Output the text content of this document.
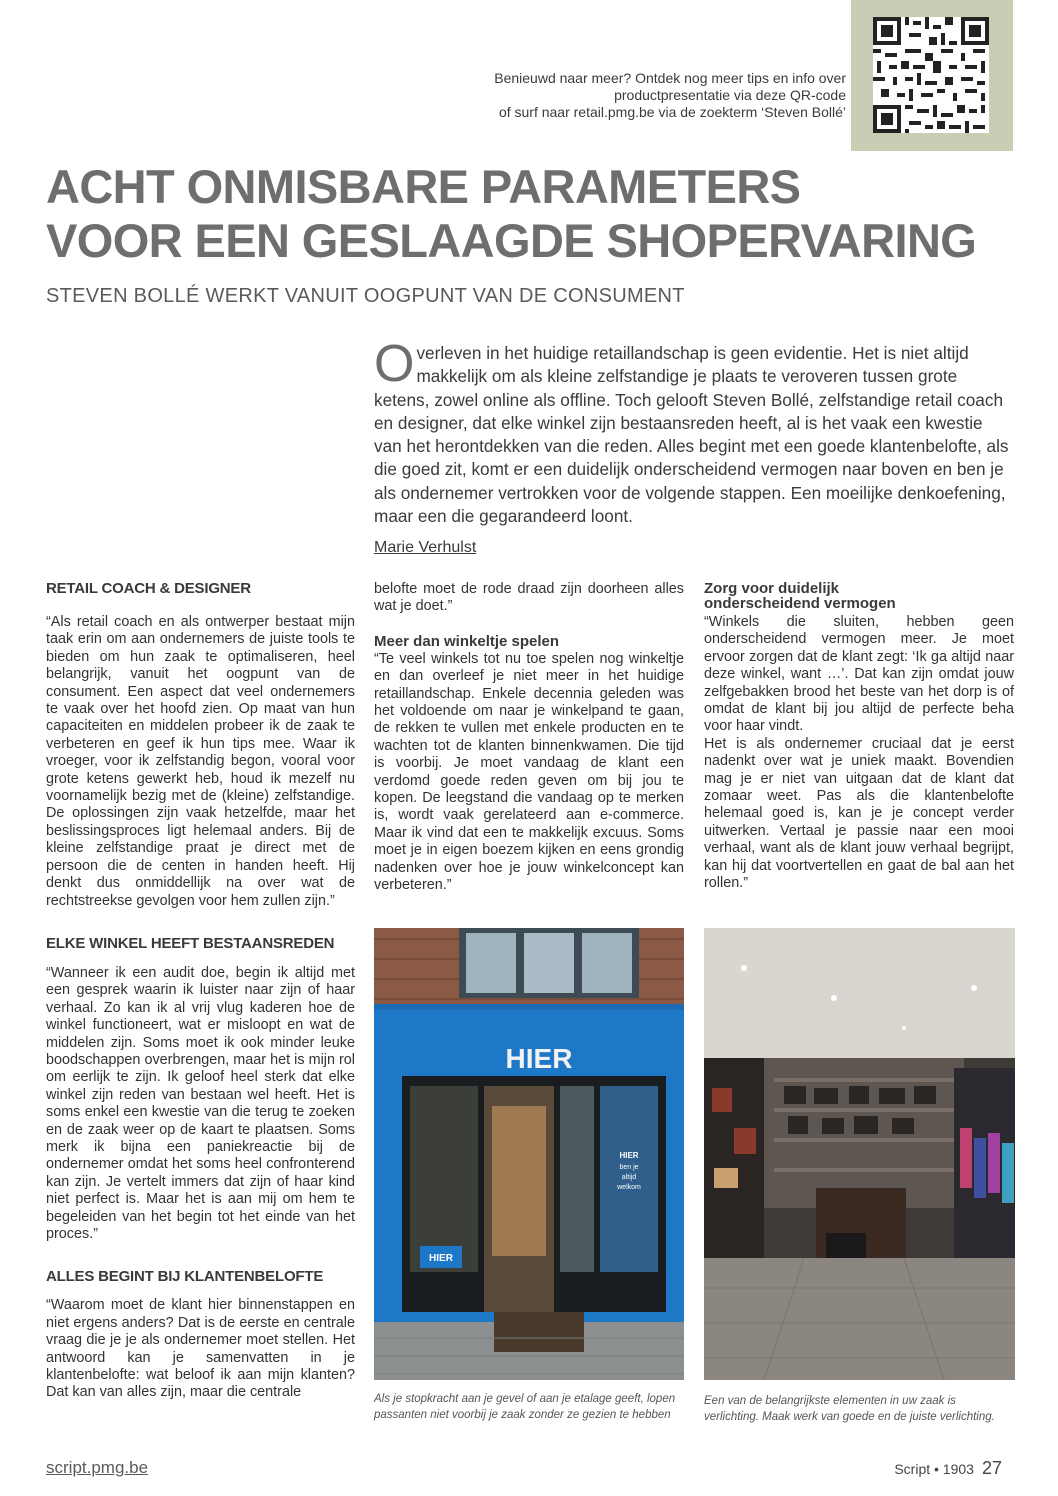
Benieuwd naar meer? Ontdek nog meer tips en info over
productpresentatie via deze QR-code
of surf naar retail.pmg.be via de zoekterm ‘Steven Bollé’
ACHT ONMISBARE PARAMETERS
VOOR EEN GESLAAGDE SHOPERVARING
STEVEN BOLLÉ WERKT VANUIT OOGPUNT VAN DE CONSUMENT
Overleven in het huidige retaillandschap is geen evidentie. Het is niet altijd makkelijk om als kleine zelfstandige je plaats te veroveren tussen grote ketens, zowel online als offline. Toch gelooft Steven Bollé, zelfstandige retail coach en designer, dat elke winkel zijn bestaansreden heeft, al is het vaak een kwestie van het herontdekken van die reden. Alles begint met een goede klantenbelofte, als die goed zit, komt er een duidelijk onderscheidend vermogen naar boven en ben je als ondernemer vertrokken voor de volgende stappen. Een moeilijke denkoefening, maar een die gegarandeerd loont.
Marie Verhulst
RETAIL COACH & DESIGNER

“Als retail coach en als ontwerper bestaat mijn taak erin om aan ondernemers de juiste tools te bieden om hun zaak te optimaliseren, heel belangrijk, vanuit het oogpunt van de consument. Een aspect dat veel ondernemers te vaak over het hoofd zien. Op maat van hun capaciteiten en middelen probeer ik de zaak te verbeteren en geef ik hun tips mee. Waar ik vroeger, voor ik zelfstandig begon, vooral voor grote ketens gewerkt heb, houd ik mezelf nu voornamelijk bezig met de (kleine) zelfstandige. De oplossingen zijn vaak hetzelfde, maar het beslissingsproces ligt helemaal anders. Bij de kleine zelfstandige praat je direct met de persoon die de centen in handen heeft. Hij denkt dus onmiddellijk na over wat de rechtstreekse gevolgen voor hem zullen zijn.”

ELKE WINKEL HEEFT BESTAANSREDEN

“Wanneer ik een audit doe, begin ik altijd met een gesprek waarin ik luister naar zijn of haar verhaal. Zo kan ik al vrij vlug kaderen hoe de winkel functioneert, wat er misloopt en wat de middelen zijn. Soms moet ik ook minder leuke boodschappen overbrengen, maar het is mijn rol om eerlijk te zijn. Ik geloof heel sterk dat elke winkel zijn reden van bestaan wel heeft. Het is soms enkel een kwestie van die terug te zoeken en de zaak weer op de kaart te plaatsen. Soms merk ik bijna een paniekreactie bij de ondernemer omdat het soms heel confronterend kan zijn. Je vertelt immers dat zijn of haar kind niet perfect is. Maar het is aan mij om hem te begeleiden van het begin tot het einde van het proces.”

ALLES BEGINT BIJ KLANTENBELOFTE

“Waarom moet de klant hier binnenstappen en niet ergens anders? Dat is de eerste en centrale vraag die je je als ondernemer moet stellen. Het antwoord kan je samenvatten in je klantenbelofte: wat beloof ik aan mijn klanten? Dat kan van alles zijn, maar die centrale

belofte moet de rode draad zijn doorheen alles wat je doet.”

Meer dan winkeltje spelen

“Te veel winkels tot nu toe spelen nog winkeltje en dan overleef je niet meer in het huidige retaillandschap. Enkele decennia geleden was het voldoende om naar je winkelpand te gaan, de rekken te vullen met enkele producten en te wachten tot de klanten binnenkwamen. Die tijd is voorbij. Je moet vandaag de klant een verdomd goede reden geven om bij jou te kopen. De leegstand die vandaag op te merken is, wordt vaak gerelateerd aan e-commerce. Maar ik vind dat een te makkelijk excuus. Soms moet je in eigen boezem kijken en eens grondig nadenken over hoe je jouw winkelconcept kan verbeteren.”

Zorg voor duidelijk
onderscheidend vermogen

“Winkels die sluiten, hebben geen onderscheidend vermogen meer. Je moet ervoor zorgen dat de klant zegt: ‘Ik ga altijd naar deze winkel, want …’. Dat kan zijn omdat jouw zelfgebakken brood het beste van het dorp is of omdat de klant bij jou altijd de perfecte beha voor haar vindt.

Het is als ondernemer cruciaal dat je eerst nadenkt over wat je uniek maakt. Bovendien mag je er niet van uitgaan dat de klant dat zomaar weet. Pas als die klantenbelofte helemaal goed is, kan je je concept verder uitwerken. Vertaal je passie naar een mooi verhaal, want als de klant jouw verhaal begrijpt, kan hij dat voortvertellen en gaat de bal aan het rollen.”

HIER
HIER
ben je
altijd
welkom
HIER
Als je stopkracht aan je gevel of aan je etalage geeft, lopen passanten niet voorbij je zaak zonder ze gezien te hebben
Een van de belangrijkste elementen in uw zaak is verlichting. Maak werk van goede en de juiste verlichting.
script.pmg.be	Script • 1903 27
